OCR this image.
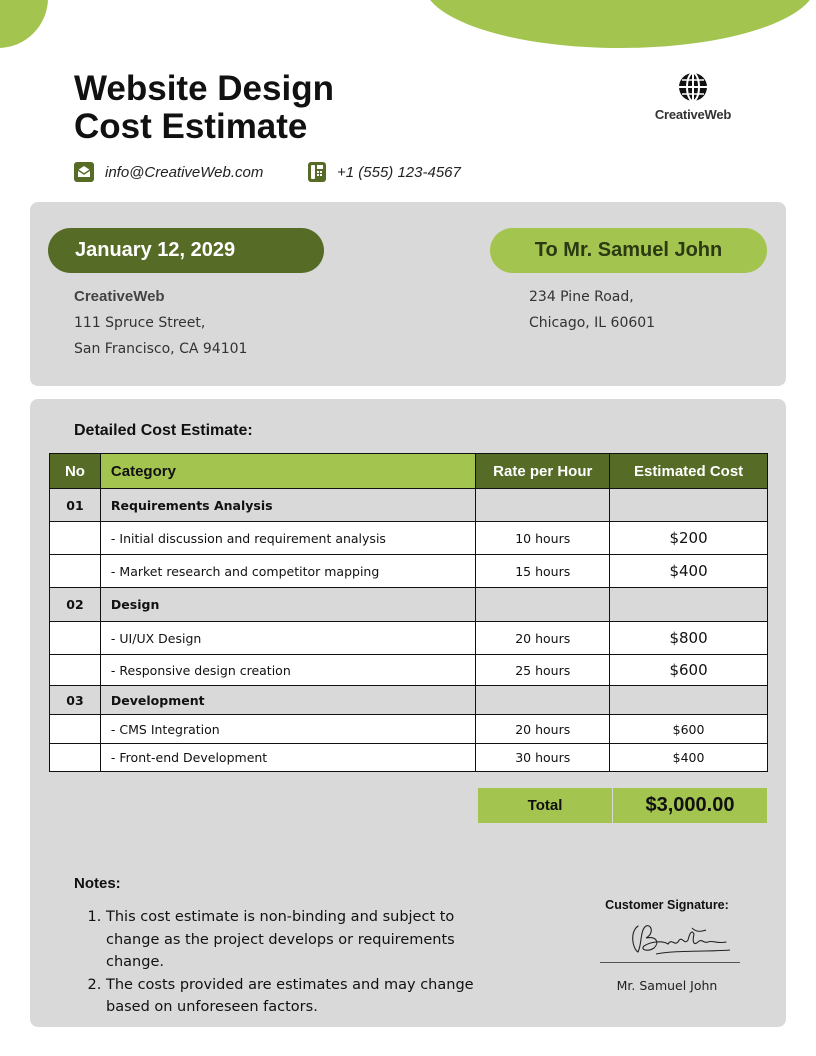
Website Design
Cost Estimate	CreativeWeb
info@CreativeWeb.com	+1 (555) 123-4567
January 12, 2029	To Mr. Samuel John
CreativeWeb
111 Spruce Street,
San Francisco, CA 94101
234 Pine Road,
Chicago, IL 60601
Detailed Cost Estimate:
No	Category	Rate per Hour	Estimated Cost
01	Requirements Analysis		
	- Initial discussion and requirement analysis	10 hours	$200
	- Market research and competitor mapping	15 hours	$400
02	Design		
	- UI/UX Design	20 hours	$800
	- Responsive design creation	25 hours	$600
03	Development		
	- CMS Integration	20 hours	$600
	- Front-end Development	30 hours	$400
Total	$3,000.00
Notes:
1. This cost estimate is non-binding and subject to change as the project develops or requirements change.
2. The costs provided are estimates and may change based on unforeseen factors.
Customer Signature:
Mr. Samuel John
